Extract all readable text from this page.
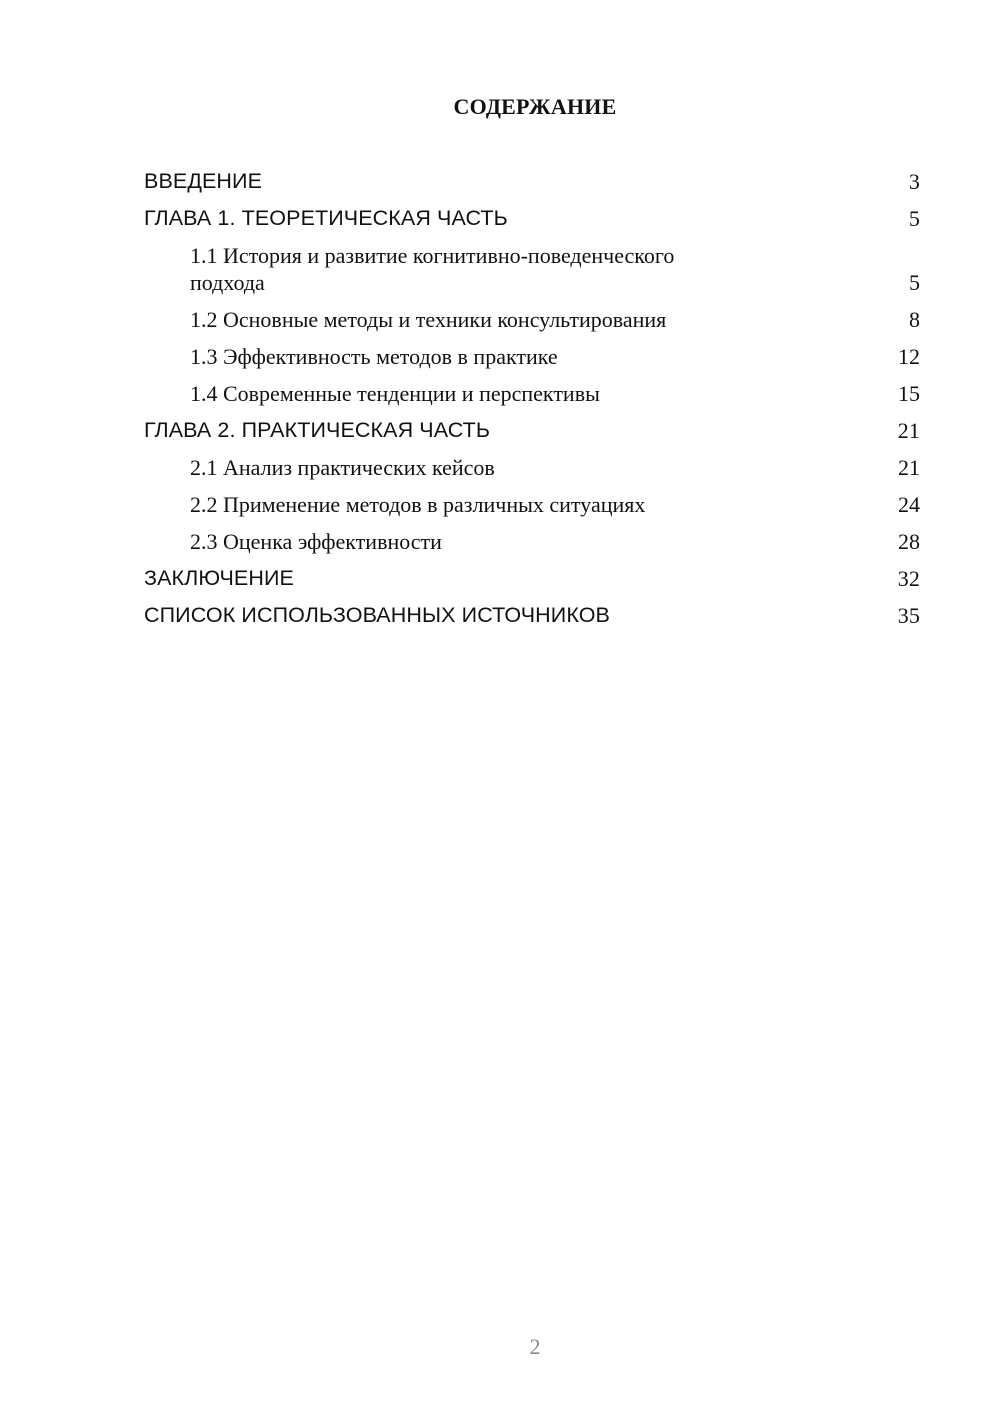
СОДЕРЖАНИЕ
ВВЕДЕНИЕ	3
ГЛАВА 1. ТЕОРЕТИЧЕСКАЯ ЧАСТЬ	5
1.1 История и развитие когнитивно-поведенческого подхода	5
1.2 Основные методы и техники консультирования	8
1.3 Эффективность методов в практике	12
1.4 Современные тенденции и перспективы	15
ГЛАВА 2. ПРАКТИЧЕСКАЯ ЧАСТЬ	21
2.1 Анализ практических кейсов	21
2.2 Применение методов в различных ситуациях	24
2.3 Оценка эффективности	28
ЗАКЛЮЧЕНИЕ	32
СПИСОК ИСПОЛЬЗОВАННЫХ ИСТОЧНИКОВ	35
2
